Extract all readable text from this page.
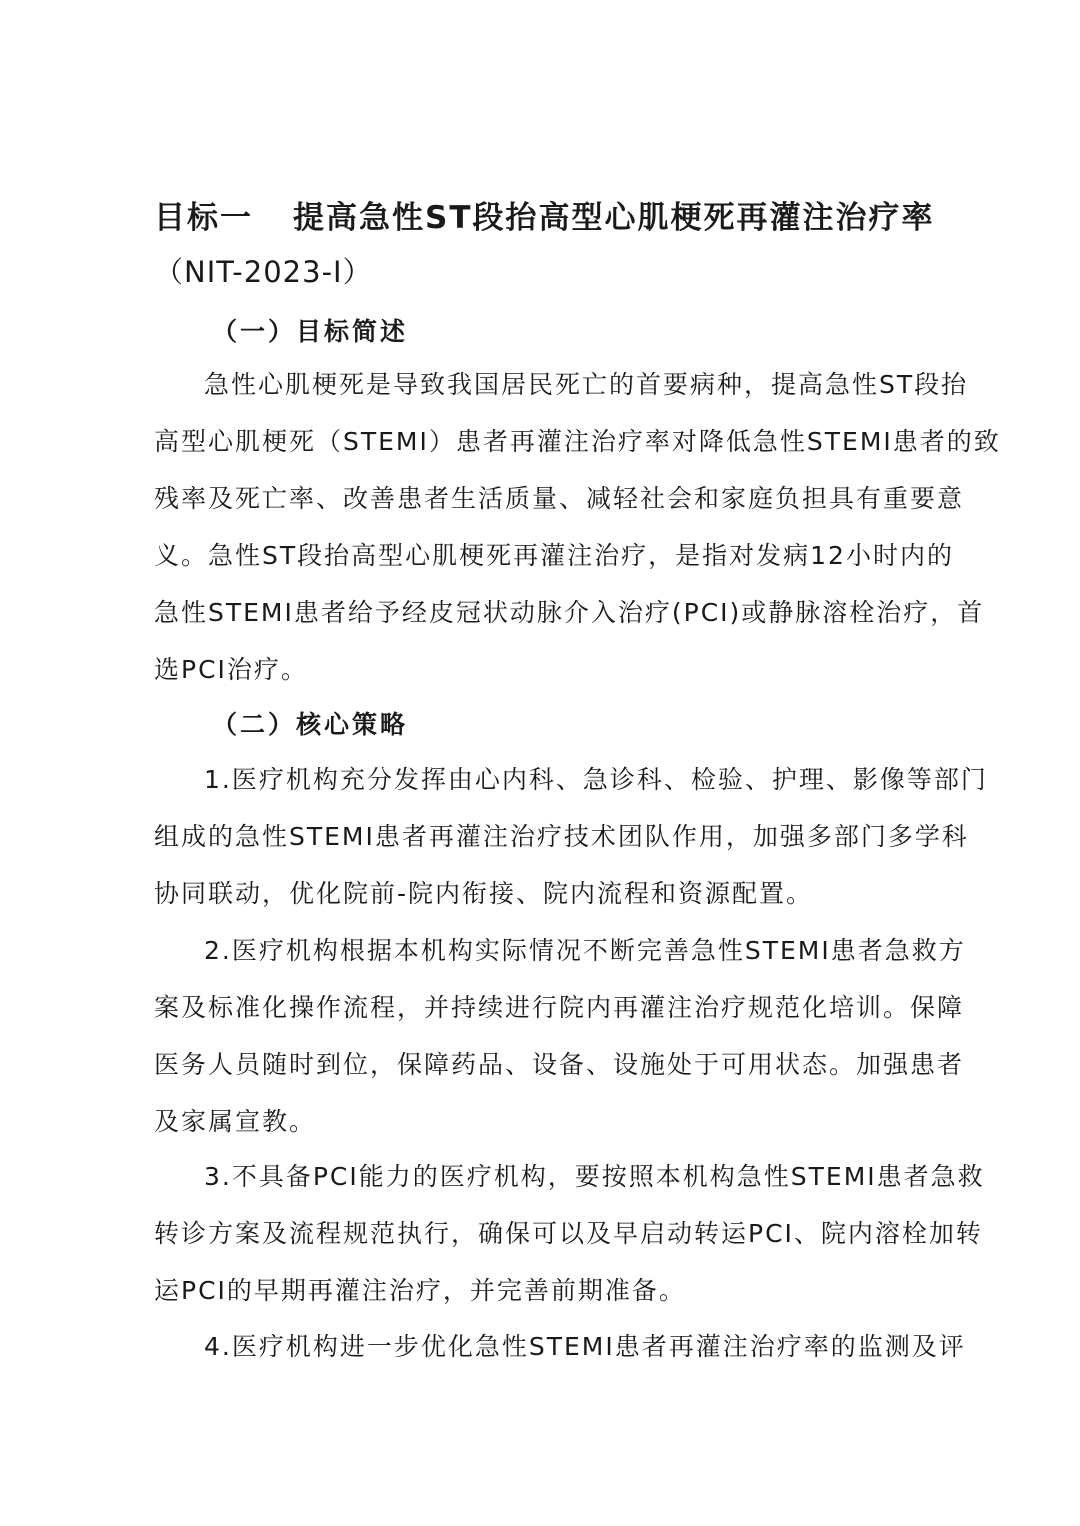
目标一 提高急性ST段抬高型心肌梗死再灌注治疗率
（NIT-2023-Ⅰ）
（一）目标简述
急性心肌梗死是导致我国居民死亡的首要病种，提高急性ST段抬
高型心肌梗死（STEMI）患者再灌注治疗率对降低急性STEMI患者的致
残率及死亡率、改善患者生活质量、减轻社会和家庭负担具有重要意
义。急性ST段抬高型心肌梗死再灌注治疗，是指对发病12小时内的
急性STEMI患者给予经皮冠状动脉介入治疗(PCI)或静脉溶栓治疗，首
选PCI治疗。
（二）核心策略
1.医疗机构充分发挥由心内科、急诊科、检验、护理、影像等部门
组成的急性STEMI患者再灌注治疗技术团队作用，加强多部门多学科
协同联动，优化院前-院内衔接、院内流程和资源配置。
2.医疗机构根据本机构实际情况不断完善急性STEMI患者急救方
案及标准化操作流程，并持续进行院内再灌注治疗规范化培训。保障
医务人员随时到位，保障药品、设备、设施处于可用状态。加强患者
及家属宣教。
3.不具备PCI能力的医疗机构，要按照本机构急性STEMI患者急救
转诊方案及流程规范执行，确保可以及早启动转运PCI、院内溶栓加转
运PCI的早期再灌注治疗，并完善前期准备。
4.医疗机构进一步优化急性STEMI患者再灌注治疗率的监测及评
